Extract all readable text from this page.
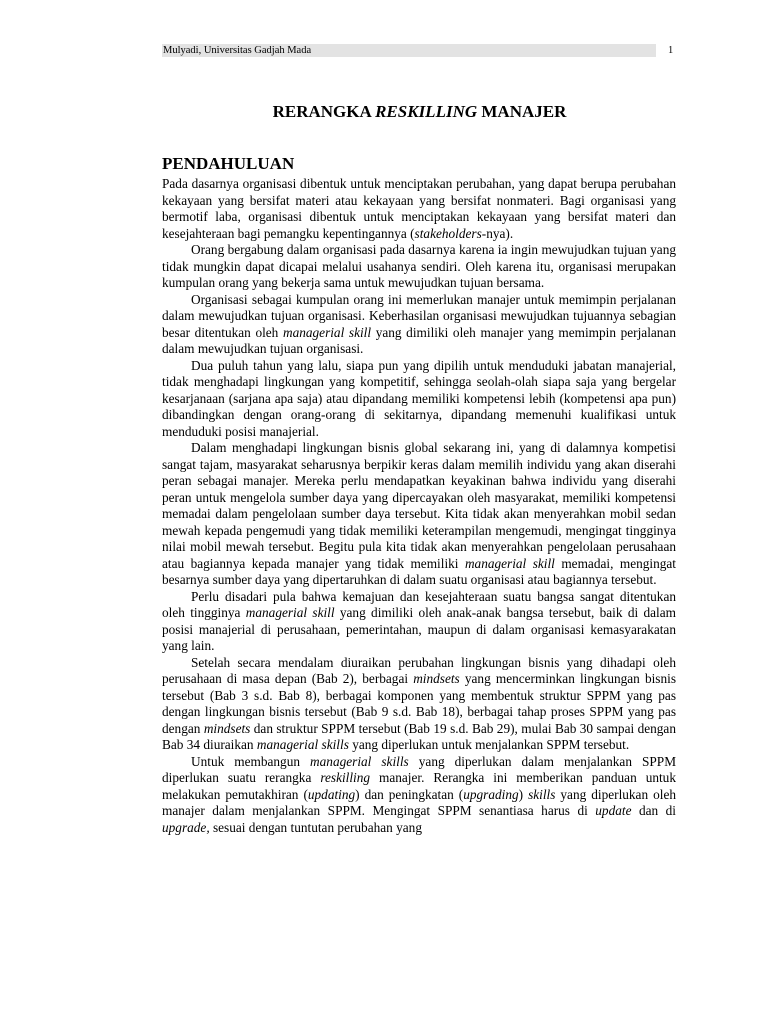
Mulyadi, Universitas Gadjah Mada	1
RERANGKA RESKILLING MANAJER
PENDAHULUAN

Pada dasarnya organisasi dibentuk untuk menciptakan perubahan, yang dapat berupa perubahan kekayaan yang bersifat materi atau kekayaan yang bersifat nonmateri. Bagi organisasi yang bermotif laba, organisasi dibentuk untuk menciptakan kekayaan yang bersifat materi dan kesejahteraan bagi pemangku kepentingannya (stakeholders-nya).

Orang bergabung dalam organisasi pada dasarnya karena ia ingin mewujudkan tujuan yang tidak mungkin dapat dicapai melalui usahanya sendiri. Oleh karena itu, organisasi merupakan kumpulan orang yang bekerja sama untuk mewujudkan tujuan bersama.

Organisasi sebagai kumpulan orang ini memerlukan manajer untuk memimpin perjalanan dalam mewujudkan tujuan organisasi. Keberhasilan organisasi mewujudkan tujuannya sebagian besar ditentukan oleh managerial skill yang dimiliki oleh manajer yang memimpin perjalanan dalam mewujudkan tujuan organisasi.

Dua puluh tahun yang lalu, siapa pun yang dipilih untuk menduduki jabatan manajerial, tidak menghadapi lingkungan yang kompetitif, sehingga seolah-olah siapa saja yang bergelar kesarjanaan (sarjana apa saja) atau dipandang memiliki kompetensi lebih (kompetensi apa pun) dibandingkan dengan orang-orang di sekitarnya, dipandang memenuhi kualifikasi untuk menduduki posisi manajerial.

Dalam menghadapi lingkungan bisnis global sekarang ini, yang di dalamnya kompetisi sangat tajam, masyarakat seharusnya berpikir keras dalam memilih individu yang akan diserahi peran sebagai manajer. Mereka perlu mendapatkan keyakinan bahwa individu yang diserahi peran untuk mengelola sumber daya yang dipercayakan oleh masyarakat, memiliki kompetensi memadai dalam pengelolaan sumber daya tersebut. Kita tidak akan menyerahkan mobil sedan mewah kepada pengemudi yang tidak memiliki keterampilan mengemudi, mengingat tingginya nilai mobil mewah tersebut. Begitu pula kita tidak akan menyerahkan pengelolaan perusahaan atau bagiannya kepada manajer yang tidak memiliki managerial skill memadai, mengingat besarnya sumber daya yang dipertaruhkan di dalam suatu organisasi atau bagiannya tersebut.

Perlu disadari pula bahwa kemajuan dan kesejahteraan suatu bangsa sangat ditentukan oleh tingginya managerial skill yang dimiliki oleh anak-anak bangsa tersebut, baik di dalam posisi manajerial di perusahaan, pemerintahan, maupun di dalam organisasi kemasyarakatan yang lain.

Setelah secara mendalam diuraikan perubahan lingkungan bisnis yang dihadapi oleh perusahaan di masa depan (Bab 2), berbagai mindsets yang mencerminkan lingkungan bisnis tersebut (Bab 3 s.d. Bab 8), berbagai komponen yang membentuk struktur SPPM yang pas dengan lingkungan bisnis tersebut (Bab 9 s.d. Bab 18), berbagai tahap proses SPPM yang pas dengan mindsets dan struktur SPPM tersebut (Bab 19 s.d. Bab 29), mulai Bab 30 sampai dengan Bab 34 diuraikan managerial skills yang diperlukan untuk menjalankan SPPM tersebut.

Untuk membangun managerial skills yang diperlukan dalam menjalankan SPPM diperlukan suatu rerangka reskilling manajer. Rerangka ini memberikan panduan untuk melakukan pemutakhiran (updating) dan peningkatan (upgrading) skills yang diperlukan oleh manajer dalam menjalankan SPPM. Mengingat SPPM senantiasa harus di update dan di upgrade, sesuai dengan tuntutan perubahan yang
